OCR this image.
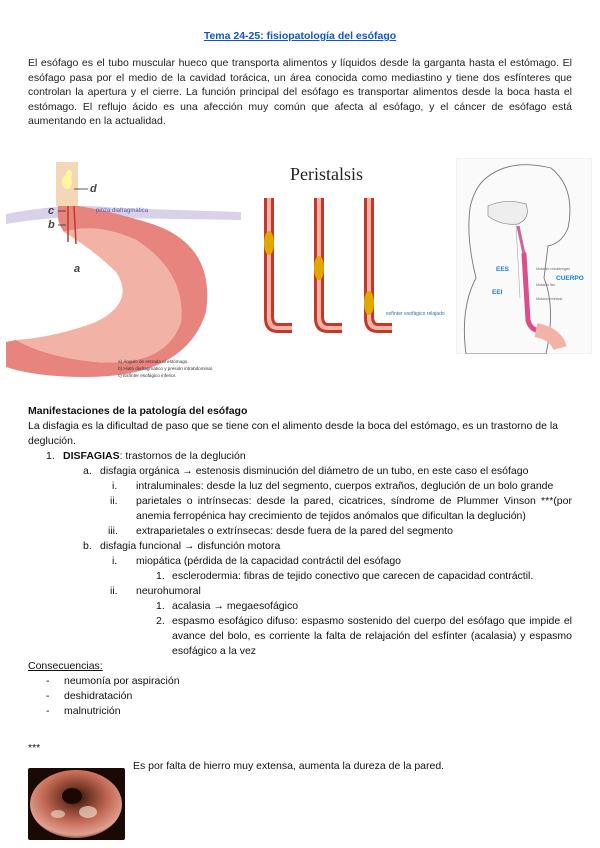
Tema 24-25: fisiopatología del esófago
El esófago es el tubo muscular hueco que transporta alimentos y líquidos desde la garganta hasta el estómago. El esófago pasa por el medio de la cavidad torácica, un área conocida como mediastino y tiene dos esfínteres que controlan la apertura y el cierre. La función principal del esófago es transportar alimentos desde la boca hasta el estómago. El reflujo ácido es una afección muy común que afecta al esófago, y el cáncer de esófago está aumentando en la actualidad.
d
c
b
a
pinza diafragmática
a) Ángulo de entrada al estómago.
b) Hiato diafragmático y presión intrabdominal.
c) Esfínter esofágico inferior.
Peristalsis
esfínter esofágico relajado
EES
EEI
CUERPO
Músculo cricofaríngeo
Músculo liso
Músculo estriado

Manifestaciones de la patología del esófago

La disfagia es la dificultad de paso que se tiene con el alimento desde la boca del estómago, es un trastorno de la deglución.

1. DISFAGIAS: trastornos de la deglución
a. disfagia orgánica → estenosis disminución del diámetro de un tubo, en este caso el esófago
i. intraluminales: desde la luz del segmento, cuerpos extraños, deglución de un bolo grande
ii. parietales o intrínsecas: desde la pared, cicatrices, síndrome de Plummer Vinson ***(por anemia ferropénica hay crecimiento de tejidos anómalos que dificultan la deglución)
iii. extraparietales o extrínsecas: desde fuera de la pared del segmento
b. disfagia funcional → disfunción motora
i. miopática (pérdida de la capacidad contráctil del esófago
1. esclerodermia: fibras de tejido conectivo que carecen de capacidad contráctil.
ii. neurohumoral
1. acalasia → megaesofágico
2. espasmo esofágico difuso: espasmo sostenido del cuerpo del esófago que impide el avance del bolo, es corriente la falta de relajación del esfínter (acalasia) y espasmo esofágico a la vez

Consecuencias:

- neumonía por aspiración
- deshidratación
- malnutrición
***
Es por falta de hierro muy extensa, aumenta la dureza de la pared.
